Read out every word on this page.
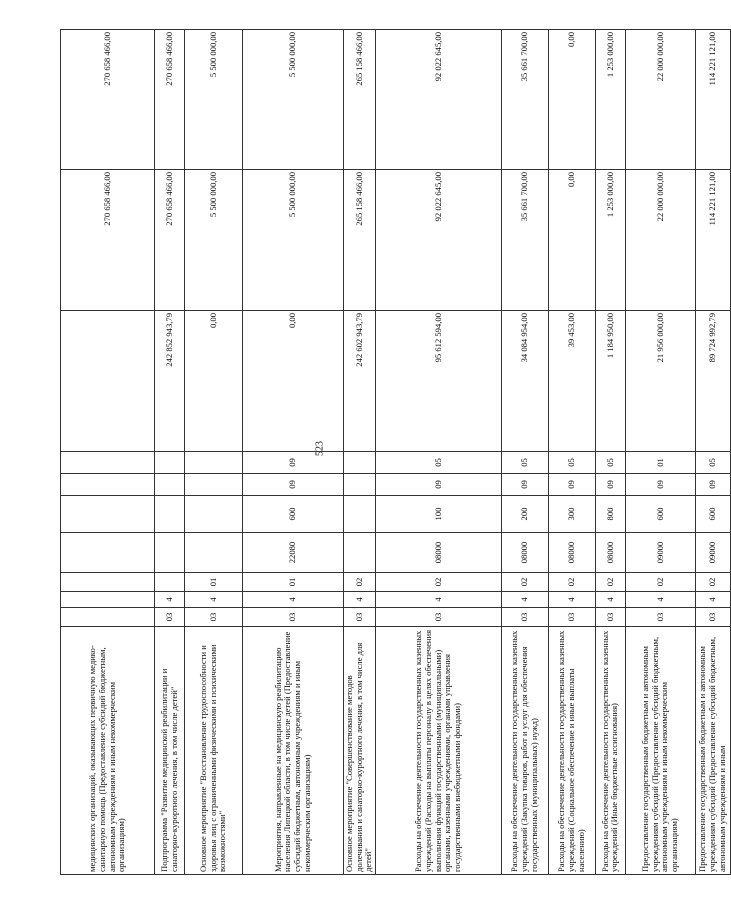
523
медицинских организаций, оказывающих первичную медико-санитарную помощь (Предоставление субсидий бюджетным, автономным учреждениям и иным некоммерческим организациям)									270 658 466,00	270 658 466,00
Подпрограмма "Развитие медицинской реабилитации и санаторно-курортного лечения, в том числе детей"	03	4						242 852 943,79	270 658 466,00	270 658 466,00
Основное мероприятие "Восстановление трудоспособности и здоровья лиц с ограниченными физическими и психическими возможностями"	03	4	01					0,00	5 500 000,00	5 500 000,00
Мероприятия, направленные на медицинскую реабилитацию населения Липецкой области, в том числе детей (Предоставление субсидий бюджетным, автономным учреждениям и иным некоммерческим организациям)	03	4	01	22080	600	09	09	0,00	5 500 000,00	5 500 000,00
Основное мероприятие "Совершенствование методов долечивания и санаторно-курортного лечения, в том числе для детей"	03	4	02					242 602 943,79	265 158 466,00	265 158 466,00
Расходы на обеспечение деятельности государственных казенных учреждений (Расходы на выплаты персоналу в целях обеспечения выполнения функций государственными (муниципальными) органами, казенными учреждениями, органами управления государственными внебюджетными фондами)	03	4	02	08000	100	09	05	95 612 594,00	92 022 645,00	92 022 645,00
Расходы на обеспечение деятельности государственных казенных учреждений (Закупка товаров, работ и услуг для обеспечения государственных (муниципальных) нужд)	03	4	02	08000	200	09	05	34 084 954,00	35 661 700,00	35 661 700,00
Расходы на обеспечение деятельности государственных казенных учреждений (Социальное обеспечение и иные выплаты населению)	03	4	02	08000	300	09	05	39 453,00	0,00	0,00
Расходы на обеспечение деятельности государственных казенных учреждений (Иные бюджетные ассигнования)	03	4	02	08000	800	09	05	1 184 950,00	1 253 000,00	1 253 000,00
Предоставление государственным бюджетным и автономным учреждениям субсидий (Предоставление субсидий бюджетным, автономным учреждениям и иным некоммерческим организациям)	03	4	02	09000	600	09	01	21 956 000,00	22 000 000,00	22 000 000,00
Предоставление государственным бюджетным и автономным учреждениям субсидий (Предоставление субсидий бюджетным, автономным учреждениям и иным	03	4	02	09000	600	09	05	89 724 992,79	114 221 121,00	114 221 121,00
